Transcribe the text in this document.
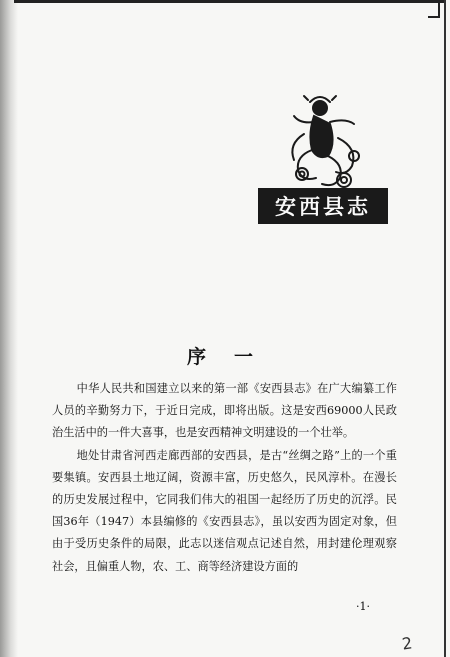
安西县志
序一

中华人民共和国建立以来的第一部《安西县志》在广大编纂工作人员的辛勤努力下，于近日完成，即将出版。这是安西69000人民政治生活中的一件大喜事，也是安西精神文明建设的一个壮举。

地处甘肃省河西走廊西部的安西县，是古“丝绸之路”上的一个重要集镇。安西县土地辽阔，资源丰富，历史悠久，民风淳朴。在漫长的历史发展过程中，它同我们伟大的祖国一起经历了历史的沉浮。民国36年（1947）本县编修的《安西县志》，虽以安西为固定对象，但由于受历史条件的局限，此志以迷信观点记述自然，用封建伦理观察社会，且偏重人物，农、工、商等经济建设方面的

·1·
2
